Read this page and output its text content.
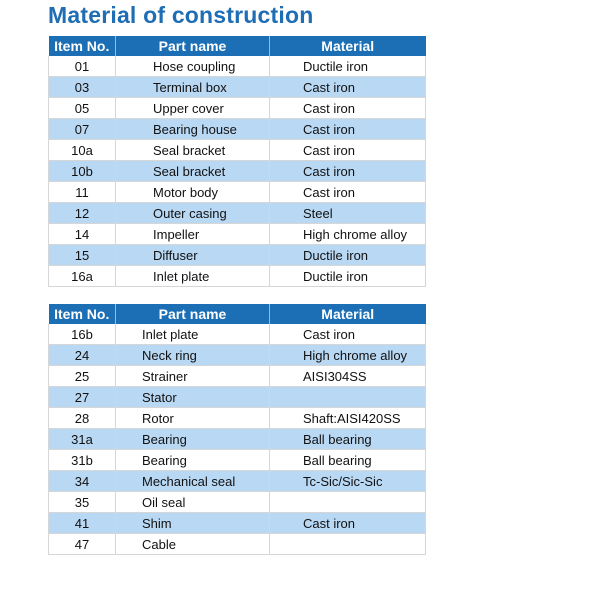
Material of construction
Item No.	Part name	Material
01	Hose coupling	Ductile iron
03	Terminal box	Cast iron
05	Upper cover	Cast iron
07	Bearing house	Cast iron
10a	Seal bracket	Cast iron
10b	Seal bracket	Cast iron
11	Motor body	Cast iron
12	Outer casing	Steel
14	Impeller	High chrome alloy
15	Diffuser	Ductile iron
16a	Inlet plate	Ductile iron
Item No.	Part name	Material
16b	Inlet plate	Cast iron
24	Neck ring	High chrome alloy
25	Strainer	AISI304SS
27	Stator	
28	Rotor	Shaft:AISI420SS
31a	Bearing	Ball bearing
31b	Bearing	Ball bearing
34	Mechanical seal	Tc-Sic/Sic-Sic
35	Oil seal	
41	Shim	Cast iron
47	Cable	
